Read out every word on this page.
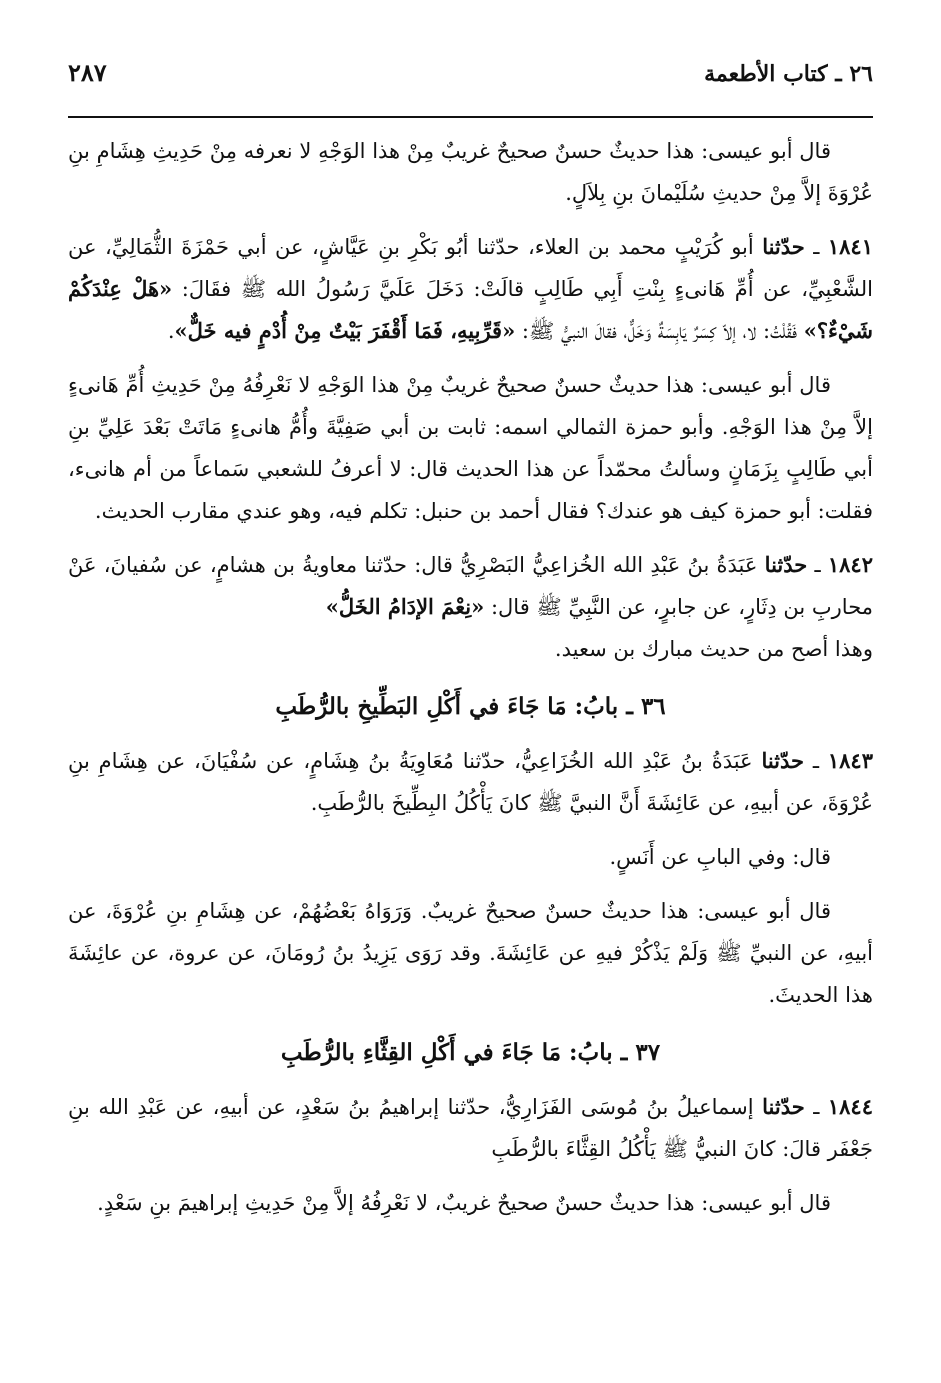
٢٦ ـ كتاب الأطعمة
٢٨٧

قال أبو عيسى: هذا حديثٌ حسنٌ صحيحٌ غريبٌ مِنْ هذا الوَجْهِ لا نعرفه مِنْ حَدِيثِ هِشَامِ بنِ عُرْوَةَ إلاَّ مِنْ حديثِ سُلَيْمانَ بنِ بِلاَلٍ.

١٨٤١ ـ حدّثنا أبو كُرَيْبٍ محمد بن العلاء، حدّثنا أبُو بَكْرِ بنِ عَيَّاشٍ، عن أبي حَمْزَةَ الثُّمَالِيِّ، عن الشَّعْبِيِّ، عن أُمِّ هَانىءٍ بِنْتِ أَبِي طَالِبٍ قالَتْ: دَخَلَ عَلَيَّ رَسُولُ الله ﷺ فقَالَ: «هَلْ عِنْدَكُمْ شَيْءٌ؟» فَقُلْتُ: لا، إلاّ كِسَرٌ يَابِسَةٌ وَخَلٌّ، فقالَ النبيُّ ﷺ: «قَرِّبِيهِ، فَمَا أَقْفَرَ بَيْتٌ مِنْ أُدْمٍ فيه خَلٌّ».

قال أبو عيسى: هذا حديثٌ حسنٌ صحيحٌ غريبٌ مِنْ هذا الوَجْهِ لا نَعْرِفُهُ مِنْ حَدِيثِ أُمِّ هَانىءٍ إلاَّ مِنْ هذا الوَجْهِ. وأبو حمزة الثمالي اسمه: ثابت بن أبي صَفِيَّةَ وأُمُّ هانىءٍ مَاتَتْ بَعْدَ عَلِيِّ بنِ أبي طَالِبٍ بِزَمَانٍ وسألتُ محمّداً عن هذا الحديث قال: لا أعرفُ للشعبي سَماعاً من أم هانىء، فقلت: أبو حمزة كيف هو عندك؟ فقال أحمد بن حنبل: تكلم فيه، وهو عندي مقارب الحديث.

١٨٤٢ ـ حدّثنا عَبَدَةُ بنُ عَبْدِ الله الخُزاعِيُّ البَصْرِيُّ قال: حدّثنا معاويةُ بن هشامٍ، عن سُفيانَ، عَنْ محاربِ بن دِثَارٍ، عن جابرٍ، عن النَّبِيِّ ﷺ قال: «نِعْمَ الإدَامُ الخَلُّ»
وهذا أصح من حديث مبارك بن سعيد.

٣٦ ـ بابُ: مَا جَاءَ في أَكْلِ البَطِّيخِ بالرُّطَبِ

١٨٤٣ ـ حدّثنا عَبَدَةُ بنُ عَبْدِ الله الخُزَاعِيُّ، حدّثنا مُعَاوِيَةُ بنُ هِشَامٍ، عن سُفْيَانَ، عن هِشَامِ بنِ عُرْوَةَ، عن أبيهِ، عن عَائِشَةَ أَنَّ النبيَّ ﷺ كانَ يَأْكُلُ البِطِّيخَ بالرُّطَبِ.

قال: وفي البابِ عن أَنَسٍ.

قال أبو عيسى: هذا حديثٌ حسنٌ صحيحٌ غريبٌ. وَرَوَاهُ بَعْضُهُمْ، عن هِشَامِ بنِ عُرْوَةَ، عن أبيهِ، عن النبيِّ ﷺ وَلَمْ يَذْكُرْ فيهِ عن عَائِشَةَ. وقد رَوَى يَزِيدُ بنُ رُومَانَ، عن عروة، عن عائِشَةَ هذا الحديثَ.

٣٧ ـ بابُ: مَا جَاءَ في أَكْلِ القِثَّاءِ بالرُّطَبِ

١٨٤٤ ـ حدّثنا إسماعيلُ بنُ مُوسَى الفَزَارِيُّ، حدّثنا إبراهيمُ بنُ سَعْدٍ، عن أبيهِ، عن عَبْدِ الله بنِ جَعْفَر قالَ: كانَ النبيُّ ﷺ يَأْكُلُ القِثَّاءَ بالرُّطَبِ

قال أبو عيسى: هذا حديثٌ حسنٌ صحيحٌ غريبٌ، لا نَعْرِفُهُ إلاَّ مِنْ حَدِيثِ إبراهيمَ بنِ سَعْدٍ.
